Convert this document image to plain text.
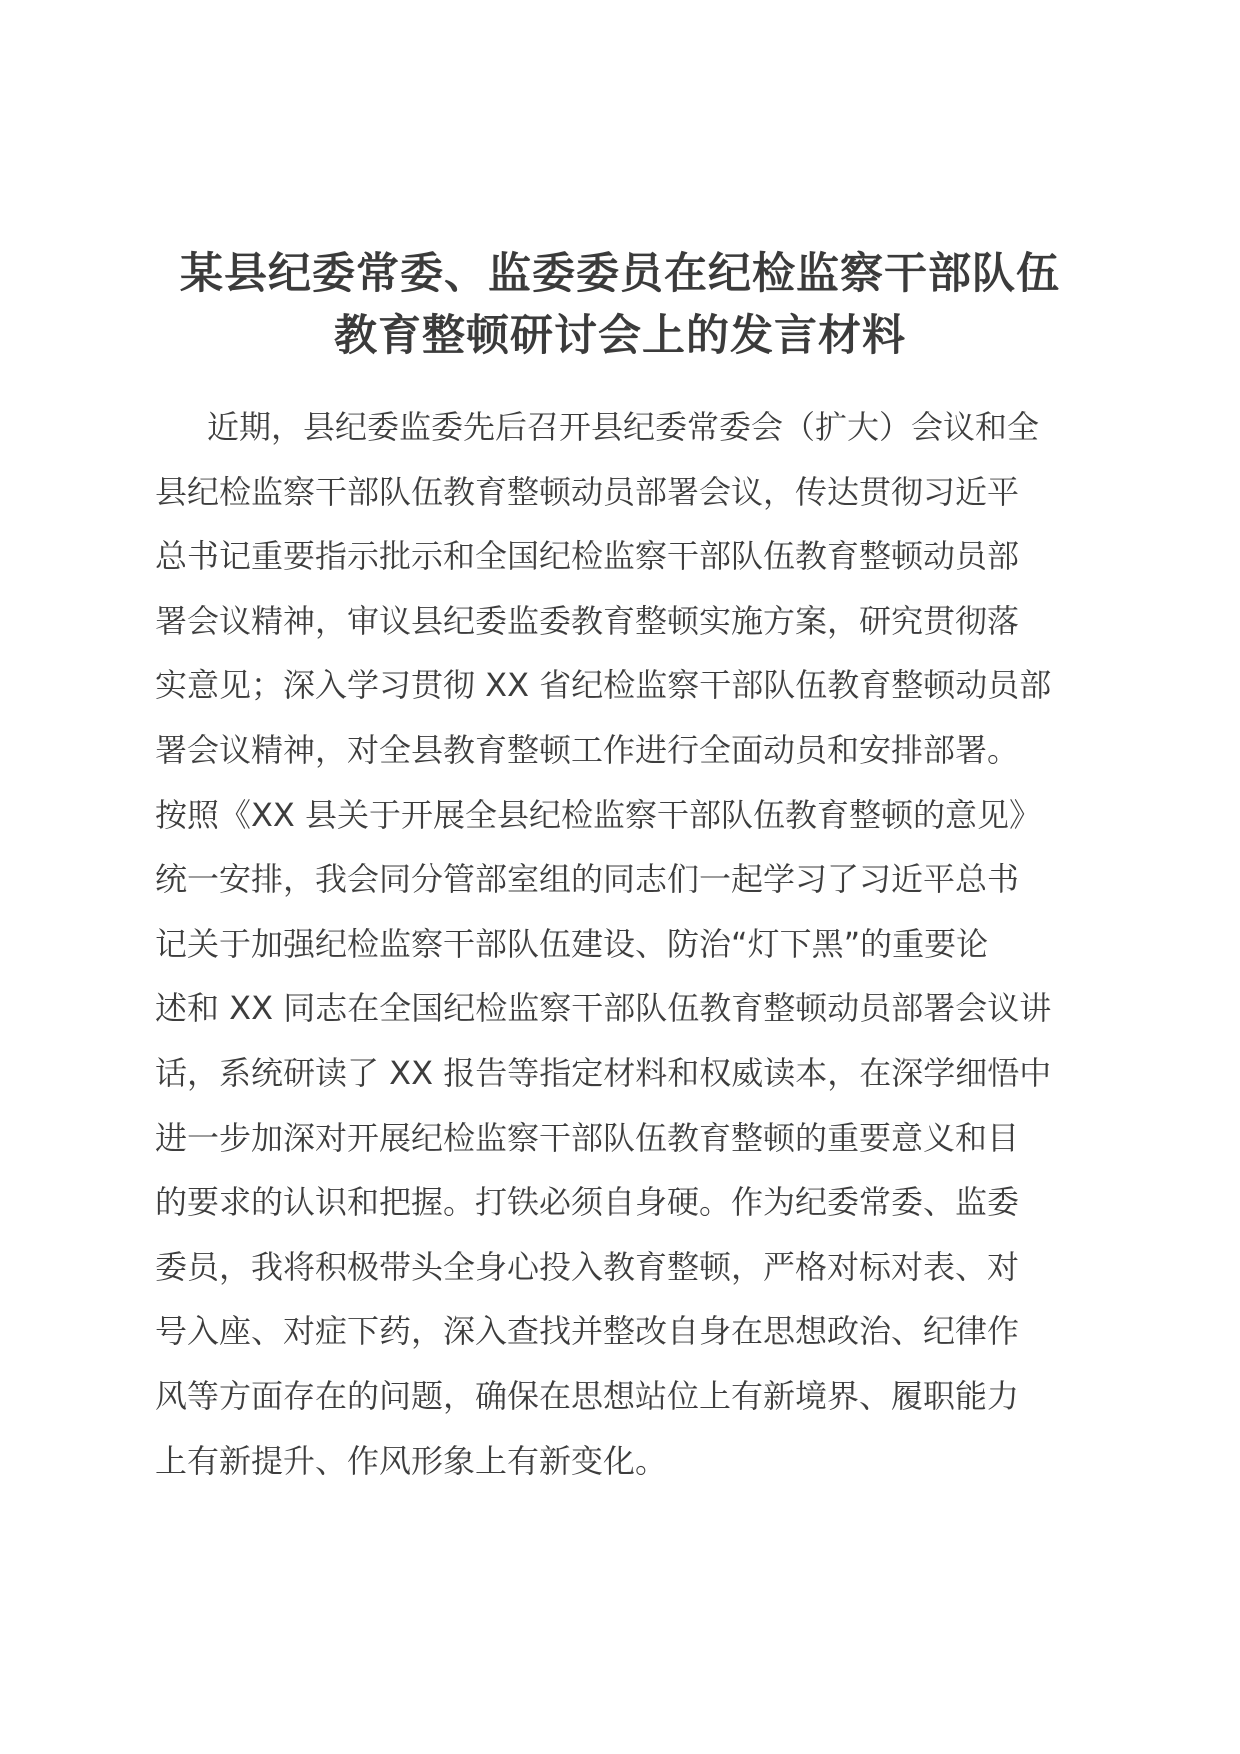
某县纪委常委、监委委员在纪检监察干部队伍
教育整顿研讨会上的发言材料
近期，县纪委监委先后召开县纪委常委会（扩大）会议和全
县纪检监察干部队伍教育整顿动员部署会议，传达贯彻习近平
总书记重要指示批示和全国纪检监察干部队伍教育整顿动员部
署会议精神，审议县纪委监委教育整顿实施方案，研究贯彻落
实意见；深入学习贯彻 XX 省纪检监察干部队伍教育整顿动员部
署会议精神，对全县教育整顿工作进行全面动员和安排部署。
按照《XX 县关于开展全县纪检监察干部队伍教育整顿的意见》
统一安排，我会同分管部室组的同志们一起学习了习近平总书
记关于加强纪检监察干部队伍建设、防治“灯下黑”的重要论
述和 XX 同志在全国纪检监察干部队伍教育整顿动员部署会议讲
话，系统研读了 XX 报告等指定材料和权威读本，在深学细悟中
进一步加深对开展纪检监察干部队伍教育整顿的重要意义和目
的要求的认识和把握。打铁必须自身硬。作为纪委常委、监委
委员，我将积极带头全身心投入教育整顿，严格对标对表、对
号入座、对症下药，深入查找并整改自身在思想政治、纪律作
风等方面存在的问题，确保在思想站位上有新境界、履职能力
上有新提升、作风形象上有新变化。
